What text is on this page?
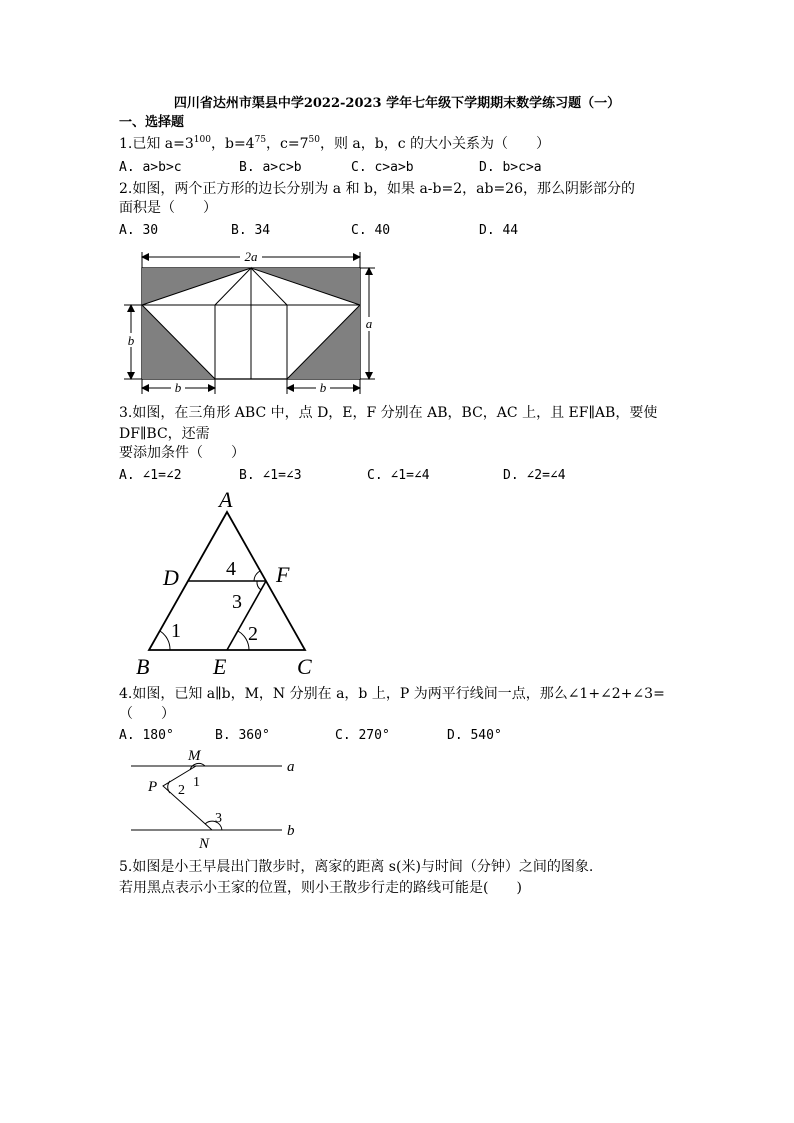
四川省达州市渠县中学2022-2023 学年七年级下学期期末数学练习题（一）
一、选择题
1.已知 $a=3^{100}$，$b=4^{75}$，$c=7^{50}$，则 a，b，c 的大小关系为（　　）
A. a>b>c	B. a>c>b	C. c>a>b	D. b>c>a
2.如图，两个正方形的边长分别为 a 和 b，如果 a-b=2，ab=26，那么阴影部分的
面积是（　　）
A. 30	B. 34	C. 40	D. 44
2a
a
b
b	b
3.如图，在三角形 ABC 中，点 D，E，F 分别在 AB，BC，AC 上，且 EF∥AB，要使
DF∥BC，还需
要添加条件（　　）
A. ∠1=∠2	B. ∠1=∠3	C. ∠1=∠4	D. ∠2=∠4
A
B	C
D
E
F
1	2
3
4
4.如图，已知 a∥b，M，N 分别在 a，b 上，P 为两平行线间一点，那么∠1+∠2+∠3=
（　　）
A. 180°	B. 360°	C. 270°	D. 540°
M
P
N
a
b
1
2
3
5.如图是小王早晨出门散步时，离家的距离 s(米)与时间（分钟）之间的图象.
若用黑点表示小王家的位置，则小王散步行走的路线可能是(　　)
